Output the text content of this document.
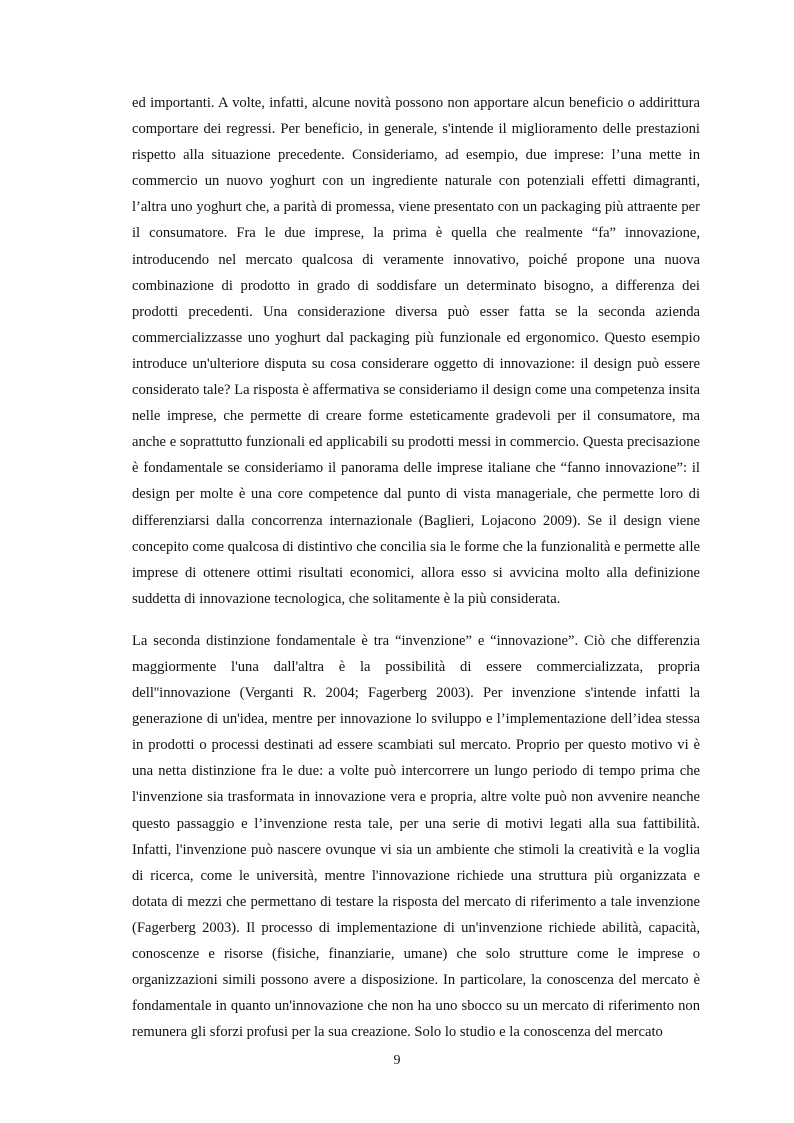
ed importanti. A volte, infatti, alcune novità possono non apportare alcun beneficio o addirittura comportare dei regressi. Per beneficio, in generale, s'intende il miglioramento delle prestazioni rispetto alla situazione precedente. Consideriamo, ad esempio, due imprese: l’una mette in commercio un nuovo yoghurt con un ingrediente naturale con potenziali effetti dimagranti, l’altra uno yoghurt che, a parità di promessa, viene presentato con un packaging più attraente per il consumatore. Fra le due imprese, la prima è quella che realmente “fa” innovazione, introducendo nel mercato qualcosa di veramente innovativo, poiché propone una nuova combinazione di prodotto in grado di soddisfare un determinato bisogno, a differenza dei prodotti precedenti. Una considerazione diversa può esser fatta se la seconda azienda commercializzasse uno yoghurt dal packaging più funzionale ed ergonomico. Questo esempio introduce un'ulteriore disputa su cosa considerare oggetto di innovazione: il design può essere considerato tale? La risposta è affermativa se consideriamo il design come una competenza insita nelle imprese, che permette di creare forme esteticamente gradevoli per il consumatore, ma anche e soprattutto funzionali ed applicabili su prodotti messi in commercio. Questa precisazione è fondamentale se consideriamo il panorama delle imprese italiane che “fanno innovazione”: il design per molte è una core competence dal punto di vista manageriale, che permette loro di differenziarsi dalla concorrenza internazionale (Baglieri, Lojacono 2009). Se il design viene concepito come qualcosa di distintivo che concilia sia le forme che la funzionalità e permette alle imprese di ottenere ottimi risultati economici, allora esso si avvicina molto alla definizione suddetta di innovazione tecnologica, che solitamente è la più considerata.

La seconda distinzione fondamentale è tra “invenzione” e “innovazione”. Ciò che differenzia maggiormente l'una dall'altra è la possibilità di essere commercializzata, propria dell''innovazione (Verganti R. 2004; Fagerberg 2003). Per invenzione s'intende infatti la generazione di un'idea, mentre per innovazione lo sviluppo e l’implementazione dell’idea stessa in prodotti o processi destinati ad essere scambiati sul mercato. Proprio per questo motivo vi è una netta distinzione fra le due: a volte può intercorrere un lungo periodo di tempo prima che l'invenzione sia trasformata in innovazione vera e propria, altre volte può non avvenire neanche questo passaggio e l’invenzione resta tale, per una serie di motivi legati alla sua fattibilità. Infatti, l'invenzione può nascere ovunque vi sia un ambiente che stimoli la creatività e la voglia di ricerca, come le università, mentre l'innovazione richiede una struttura più organizzata e dotata di mezzi che permettano di testare la risposta del mercato di riferimento a tale invenzione (Fagerberg 2003). Il processo di implementazione di un'invenzione richiede abilità, capacità, conoscenze e risorse (fisiche, finanziarie, umane) che solo strutture come le imprese o organizzazioni simili possono avere a disposizione. In particolare, la conoscenza del mercato è fondamentale in quanto un'innovazione che non ha uno sbocco su un mercato di riferimento non remunera gli sforzi profusi per la sua creazione. Solo lo studio e la conoscenza del mercato

9
